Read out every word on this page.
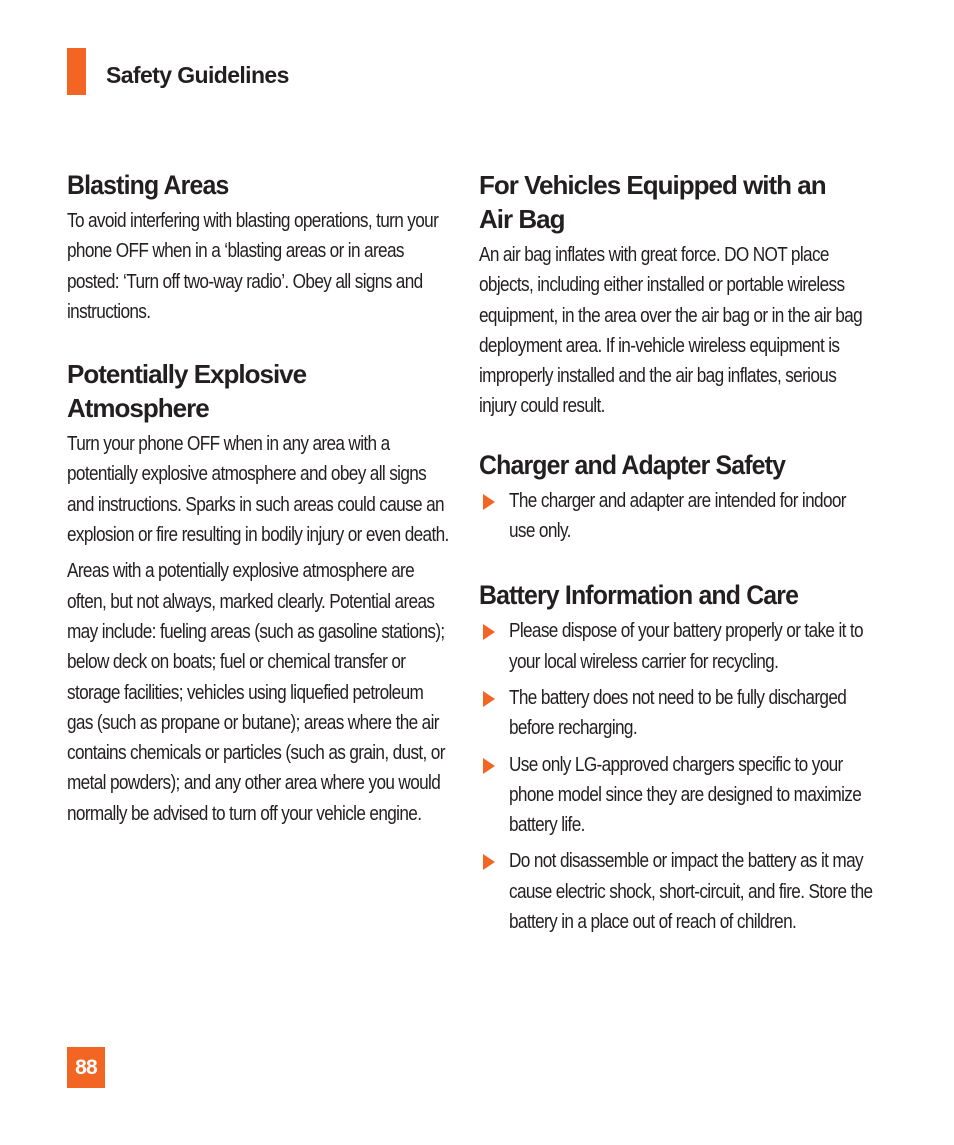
Safety Guidelines
Blasting Areas

To avoid interfering with blasting operations, turn your phone OFF when in a ‘blasting areas or in areas posted: ‘Turn off two-way radio’. Obey all signs and instructions.

Potentially Explosive Atmosphere

Turn your phone OFF when in any area with a potentially explosive atmosphere and obey all signs and instructions. Sparks in such areas could cause an explosion or fire resulting in bodily injury or even death.

Areas with a potentially explosive atmosphere are often, but not always, marked clearly. Potential areas may include: fueling areas (such as gasoline stations); below deck on boats; fuel or chemical transfer or storage facilities; vehicles using liquefied petroleum gas (such as propane or butane); areas where the air contains chemicals or particles (such as grain, dust, or metal powders); and any other area where you would normally be advised to turn off your vehicle engine.

For Vehicles Equipped with an Air Bag

An air bag inflates with great force. DO NOT place objects, including either installed or portable wireless equipment, in the area over the air bag or in the air bag deployment area. If in-vehicle wireless equipment is improperly installed and the air bag inflates, serious injury could result.

Charger and Adapter Safety

The charger and adapter are intended for indoor use only.

Battery Information and Care

Please dispose of your battery properly or take it to your local wireless carrier for recycling.

The battery does not need to be fully discharged before recharging.

Use only LG-approved chargers specific to your phone model since they are designed to maximize battery life.

Do not disassemble or impact the battery as it may cause electric shock, short-circuit, and fire. Store the battery in a place out of reach of children.

88
